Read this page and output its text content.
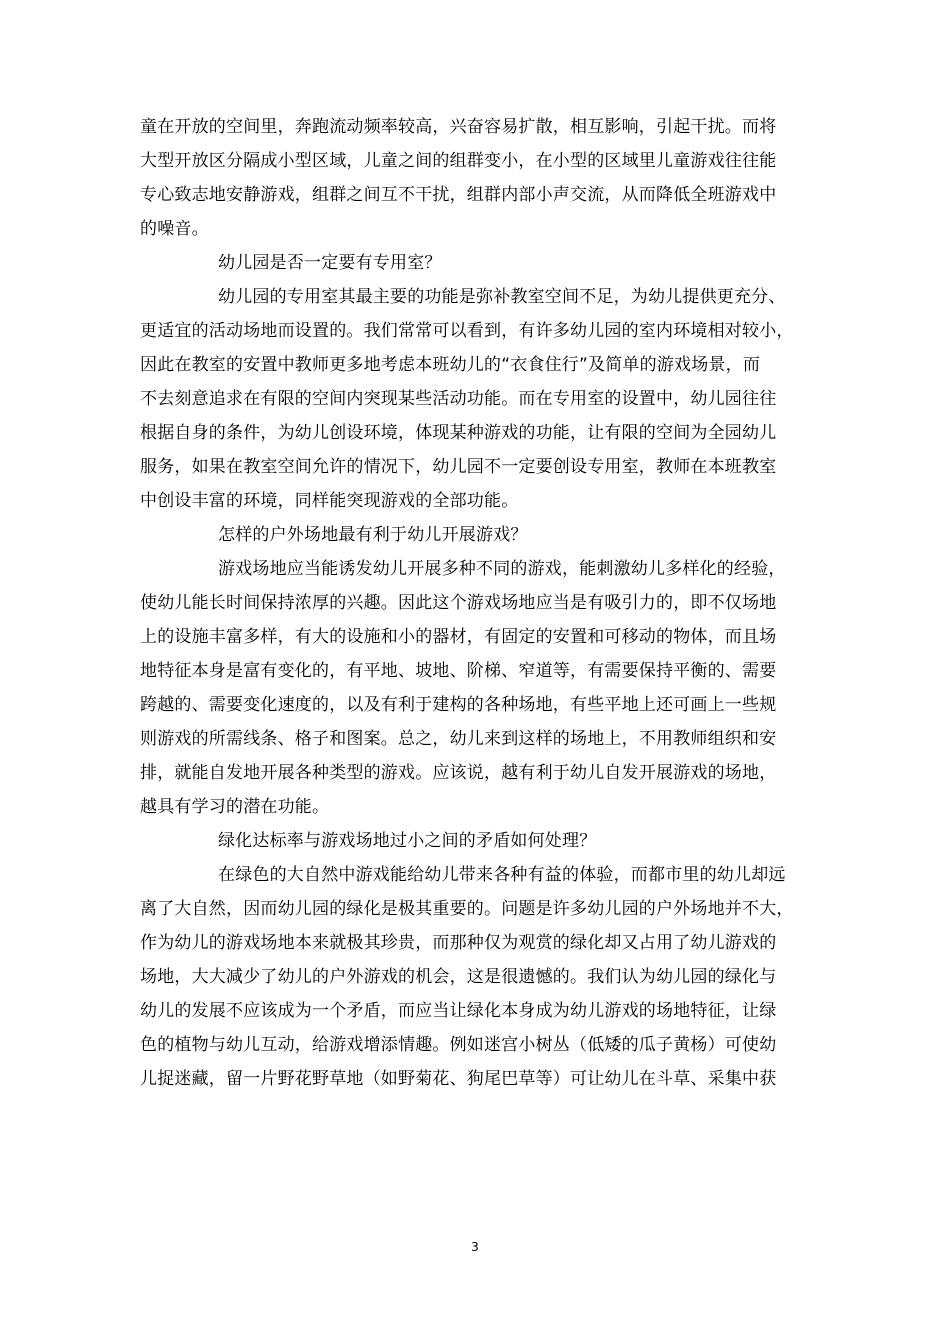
童在开放的空间里，奔跑流动频率较高，兴奋容易扩散，相互影响，引起干扰。而将

大型开放区分隔成小型区域，儿童之间的组群变小，在小型的区域里儿童游戏往往能

专心致志地安静游戏，组群之间互不干扰，组群内部小声交流，从而降低全班游戏中

的噪音。

幼儿园是否一定要有专用室？

幼儿园的专用室其最主要的功能是弥补教室空间不足，为幼儿提供更充分、

更适宜的活动场地而设置的。我们常常可以看到，有许多幼儿园的室内环境相对较小，

因此在教室的安置中教师更多地考虑本班幼儿的“衣食住行”及简单的游戏场景，而

不去刻意追求在有限的空间内突现某些活动功能。而在专用室的设置中，幼儿园往往

根据自身的条件，为幼儿创设环境，体现某种游戏的功能，让有限的空间为全园幼儿

服务，如果在教室空间允许的情况下，幼儿园不一定要创设专用室，教师在本班教室

中创设丰富的环境，同样能突现游戏的全部功能。

怎样的户外场地最有利于幼儿开展游戏？

游戏场地应当能诱发幼儿开展多种不同的游戏，能刺激幼儿多样化的经验，

使幼儿能长时间保持浓厚的兴趣。因此这个游戏场地应当是有吸引力的，即不仅场地

上的设施丰富多样，有大的设施和小的器材，有固定的安置和可移动的物体，而且场

地特征本身是富有变化的，有平地、坡地、阶梯、窄道等，有需要保持平衡的、需要

跨越的、需要变化速度的，以及有利于建构的各种场地，有些平地上还可画上一些规

则游戏的所需线条、格子和图案。总之，幼儿来到这样的场地上，不用教师组织和安

排，就能自发地开展各种类型的游戏。应该说，越有利于幼儿自发开展游戏的场地，

越具有学习的潜在功能。

绿化达标率与游戏场地过小之间的矛盾如何处理？

在绿色的大自然中游戏能给幼儿带来各种有益的体验，而都市里的幼儿却远

离了大自然，因而幼儿园的绿化是极其重要的。问题是许多幼儿园的户外场地并不大，

作为幼儿的游戏场地本来就极其珍贵，而那种仅为观赏的绿化却又占用了幼儿游戏的

场地，大大减少了幼儿的户外游戏的机会，这是很遗憾的。我们认为幼儿园的绿化与

幼儿的发展不应该成为一个矛盾，而应当让绿化本身成为幼儿游戏的场地特征，让绿

色的植物与幼儿互动，给游戏增添情趣。例如迷宫小树丛（低矮的瓜子黄杨）可使幼

儿捉迷藏，留一片野花野草地（如野菊花、狗尾巴草等）可让幼儿在斗草、采集中获

3
